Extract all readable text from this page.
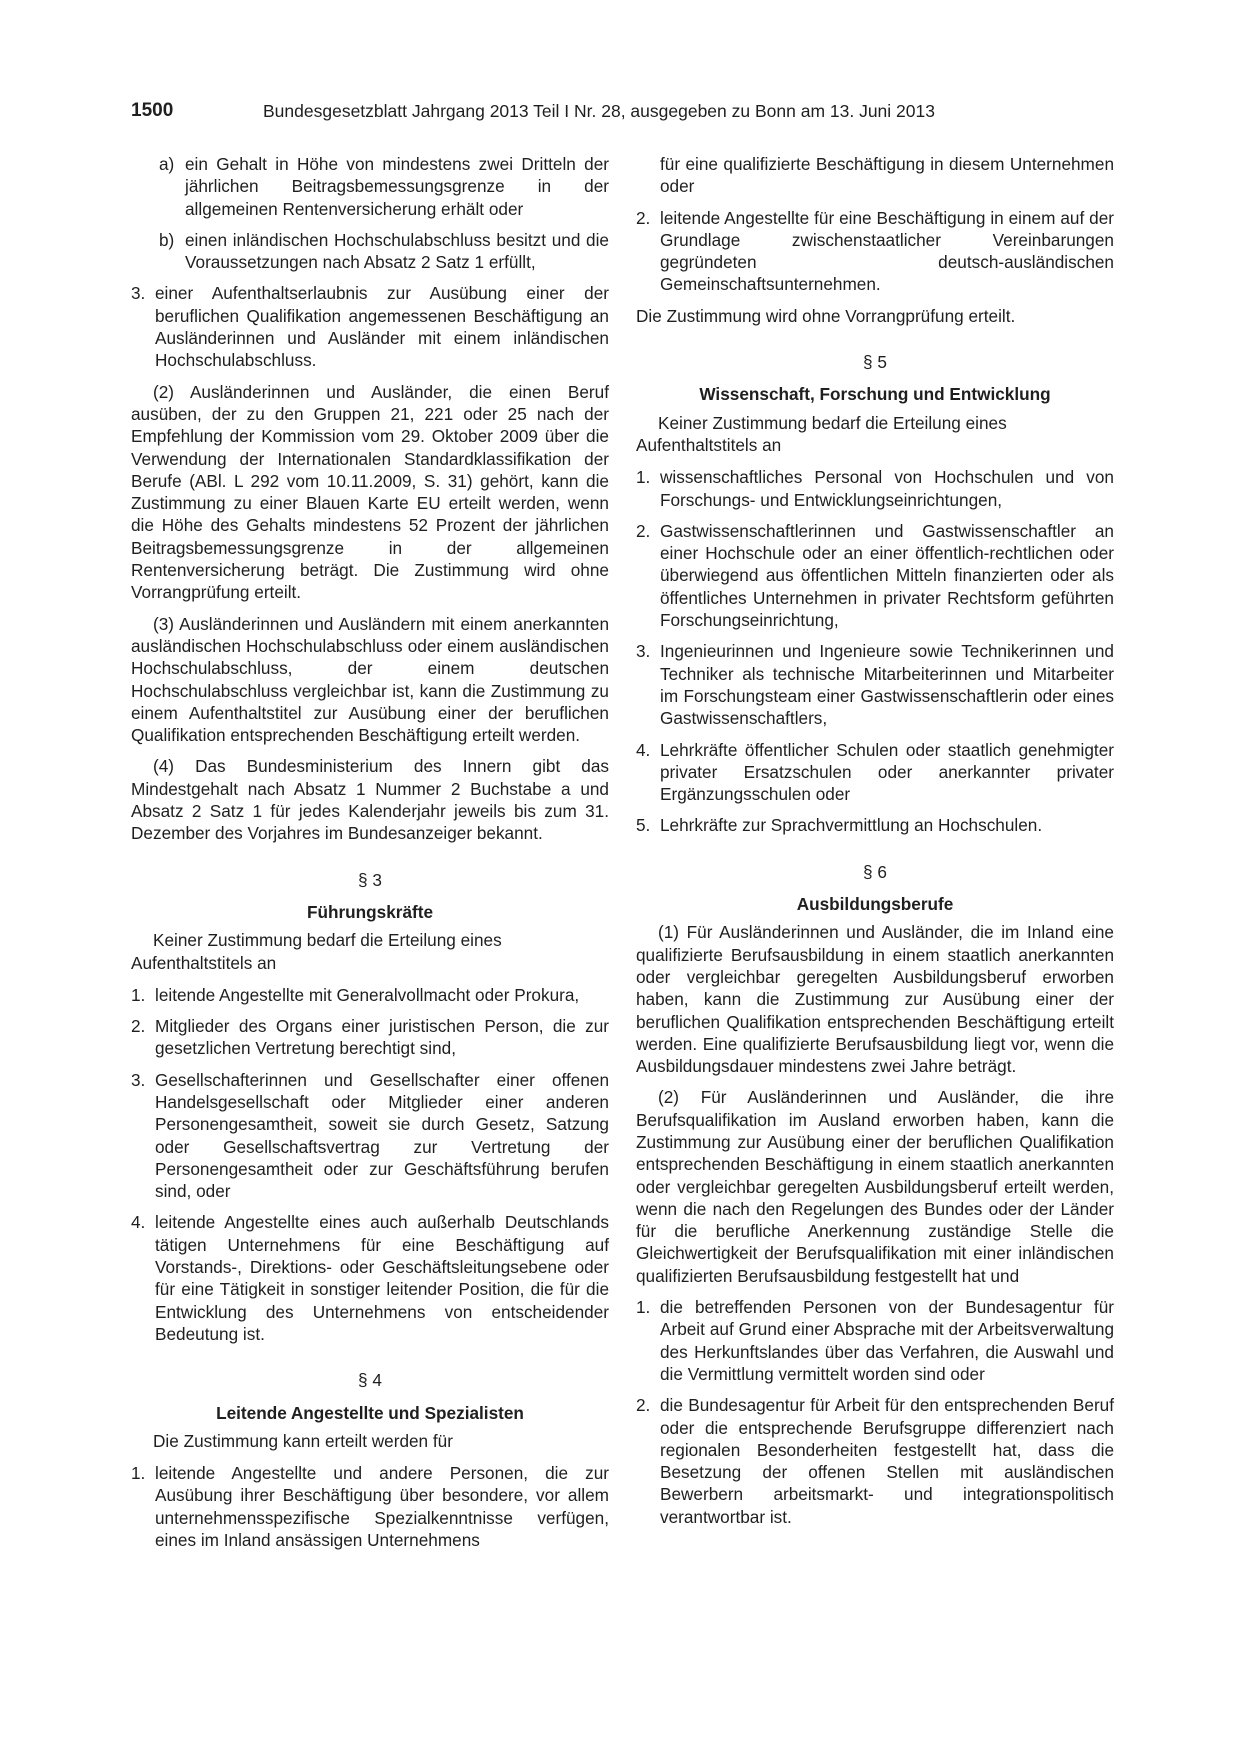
1500	Bundesgesetzblatt Jahrgang 2013 Teil I Nr. 28, ausgegeben zu Bonn am 13. Juni 2013
a) ein Gehalt in Höhe von mindestens zwei Dritteln der jährlichen Beitragsbemessungsgrenze in der allgemeinen Rentenversicherung erhält oder
b) einen inländischen Hochschulabschluss besitzt und die Voraussetzungen nach Absatz 2 Satz 1 erfüllt,
3. einer Aufenthaltserlaubnis zur Ausübung einer der beruflichen Qualifikation angemessenen Beschäftigung an Ausländerinnen und Ausländer mit einem inländischen Hochschulabschluss.

(2) Ausländerinnen und Ausländer, die einen Beruf ausüben, der zu den Gruppen 21, 221 oder 25 nach der Empfehlung der Kommission vom 29. Oktober 2009 über die Verwendung der Internationalen Standardklassifikation der Berufe (ABl. L 292 vom 10.11.2009, S. 31) gehört, kann die Zustimmung zu einer Blauen Karte EU erteilt werden, wenn die Höhe des Gehalts mindestens 52 Prozent der jährlichen Beitragsbemessungsgrenze in der allgemeinen Rentenversicherung beträgt. Die Zustimmung wird ohne Vorrangprüfung erteilt.

(3) Ausländerinnen und Ausländern mit einem anerkannten ausländischen Hochschulabschluss oder einem ausländischen Hochschulabschluss, der einem deutschen Hochschulabschluss vergleichbar ist, kann die Zustimmung zu einem Aufenthaltstitel zur Ausübung einer der beruflichen Qualifikation entsprechenden Beschäftigung erteilt werden.

(4) Das Bundesministerium des Innern gibt das Mindestgehalt nach Absatz 1 Nummer 2 Buchstabe a und Absatz 2 Satz 1 für jedes Kalenderjahr jeweils bis zum 31. Dezember des Vorjahres im Bundesanzeiger bekannt.

§ 3
Führungskräfte

Keiner Zustimmung bedarf die Erteilung eines Aufenthaltstitels an

1. leitende Angestellte mit Generalvollmacht oder Prokura,
2. Mitglieder des Organs einer juristischen Person, die zur gesetzlichen Vertretung berechtigt sind,
3. Gesellschafterinnen und Gesellschafter einer offenen Handelsgesellschaft oder Mitglieder einer anderen Personengesamtheit, soweit sie durch Gesetz, Satzung oder Gesellschaftsvertrag zur Vertretung der Personengesamtheit oder zur Geschäftsführung berufen sind, oder
4. leitende Angestellte eines auch außerhalb Deutschlands tätigen Unternehmens für eine Beschäftigung auf Vorstands-, Direktions- oder Geschäftsleitungsebene oder für eine Tätigkeit in sonstiger leitender Position, die für die Entwicklung des Unternehmens von entscheidender Bedeutung ist.
§ 4
Leitende Angestellte und Spezialisten

Die Zustimmung kann erteilt werden für

1. leitende Angestellte und andere Personen, die zur Ausübung ihrer Beschäftigung über besondere, vor allem unternehmensspezifische Spezialkenntnisse verfügen, eines im Inland ansässigen Unternehmens

für eine qualifizierte Beschäftigung in diesem Unternehmen oder

2. leitende Angestellte für eine Beschäftigung in einem auf der Grundlage zwischenstaatlicher Vereinbarungen gegründeten deutsch-ausländischen Gemeinschaftsunternehmen.

Die Zustimmung wird ohne Vorrangprüfung erteilt.

§ 5
Wissenschaft, Forschung und Entwicklung

Keiner Zustimmung bedarf die Erteilung eines Aufenthaltstitels an

1. wissenschaftliches Personal von Hochschulen und von Forschungs- und Entwicklungseinrichtungen,
2. Gastwissenschaftlerinnen und Gastwissenschaftler an einer Hochschule oder an einer öffentlich-rechtlichen oder überwiegend aus öffentlichen Mitteln finanzierten oder als öffentliches Unternehmen in privater Rechtsform geführten Forschungseinrichtung,
3. Ingenieurinnen und Ingenieure sowie Technikerinnen und Techniker als technische Mitarbeiterinnen und Mitarbeiter im Forschungsteam einer Gastwissenschaftlerin oder eines Gastwissenschaftlers,
4. Lehrkräfte öffentlicher Schulen oder staatlich genehmigter privater Ersatzschulen oder anerkannter privater Ergänzungsschulen oder
5. Lehrkräfte zur Sprachvermittlung an Hochschulen.
§ 6
Ausbildungsberufe

(1) Für Ausländerinnen und Ausländer, die im Inland eine qualifizierte Berufsausbildung in einem staatlich anerkannten oder vergleichbar geregelten Ausbildungsberuf erworben haben, kann die Zustimmung zur Ausübung einer der beruflichen Qualifikation entsprechenden Beschäftigung erteilt werden. Eine qualifizierte Berufsausbildung liegt vor, wenn die Ausbildungsdauer mindestens zwei Jahre beträgt.

(2) Für Ausländerinnen und Ausländer, die ihre Berufsqualifikation im Ausland erworben haben, kann die Zustimmung zur Ausübung einer der beruflichen Qualifikation entsprechenden Beschäftigung in einem staatlich anerkannten oder vergleichbar geregelten Ausbildungsberuf erteilt werden, wenn die nach den Regelungen des Bundes oder der Länder für die berufliche Anerkennung zuständige Stelle die Gleichwertigkeit der Berufsqualifikation mit einer inländischen qualifizierten Berufsausbildung festgestellt hat und

1. die betreffenden Personen von der Bundesagentur für Arbeit auf Grund einer Absprache mit der Arbeitsverwaltung des Herkunftslandes über das Verfahren, die Auswahl und die Vermittlung vermittelt worden sind oder
2. die Bundesagentur für Arbeit für den entsprechenden Beruf oder die entsprechende Berufsgruppe differenziert nach regionalen Besonderheiten festgestellt hat, dass die Besetzung der offenen Stellen mit ausländischen Bewerbern arbeitsmarkt- und integrationspolitisch verantwortbar ist.
